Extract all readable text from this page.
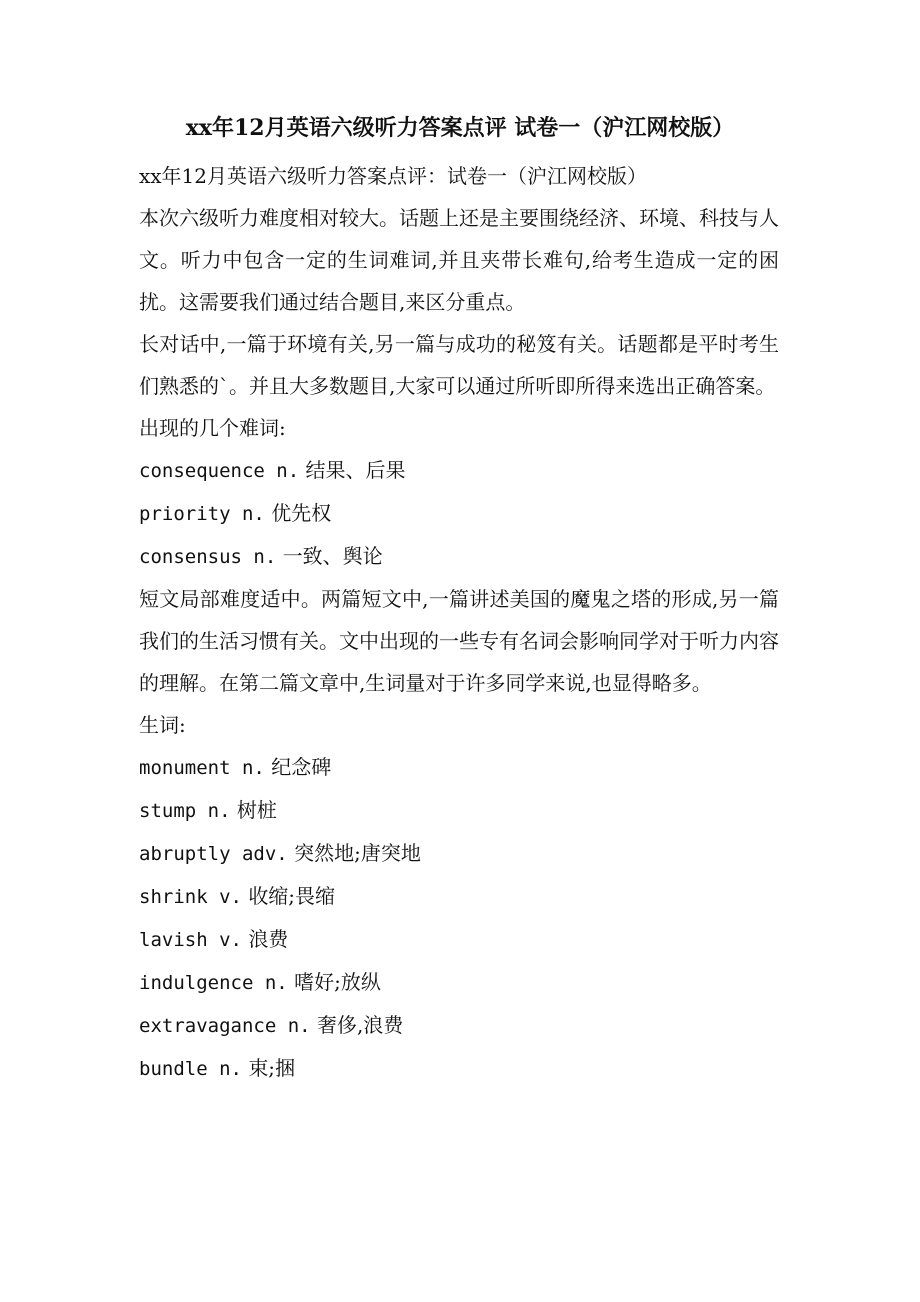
xx年12月英语六级听力答案点评 试卷一（沪江网校版）

xx年12月英语六级听力答案点评：试卷一（沪江网校版）

本次六级听力难度相对较大。话题上还是主要围绕经济、环境、科技与人文。听力中包含一定的生词难词,并且夹带长难句,给考生造成一定的困扰。这需要我们通过结合题目,来区分重点。

长对话中,一篇于环境有关,另一篇与成功的秘笈有关。话题都是平时考生们熟悉的`。并且大多数题目,大家可以通过所听即所得来选出正确答案。

出现的几个难词:

consequence n. 结果、后果

priority n. 优先权

consensus n. 一致、舆论

短文局部难度适中。两篇短文中,一篇讲述美国的魔鬼之塔的形成,另一篇我们的生活习惯有关。文中出现的一些专有名词会影响同学对于听力内容的理解。在第二篇文章中,生词量对于许多同学来说,也显得略多。

生词:

monument n. 纪念碑

stump n. 树桩

abruptly adv. 突然地;唐突地

shrink v. 收缩;畏缩

lavish v. 浪费

indulgence n. 嗜好;放纵

extravagance n. 奢侈,浪费

bundle n. 束;捆
